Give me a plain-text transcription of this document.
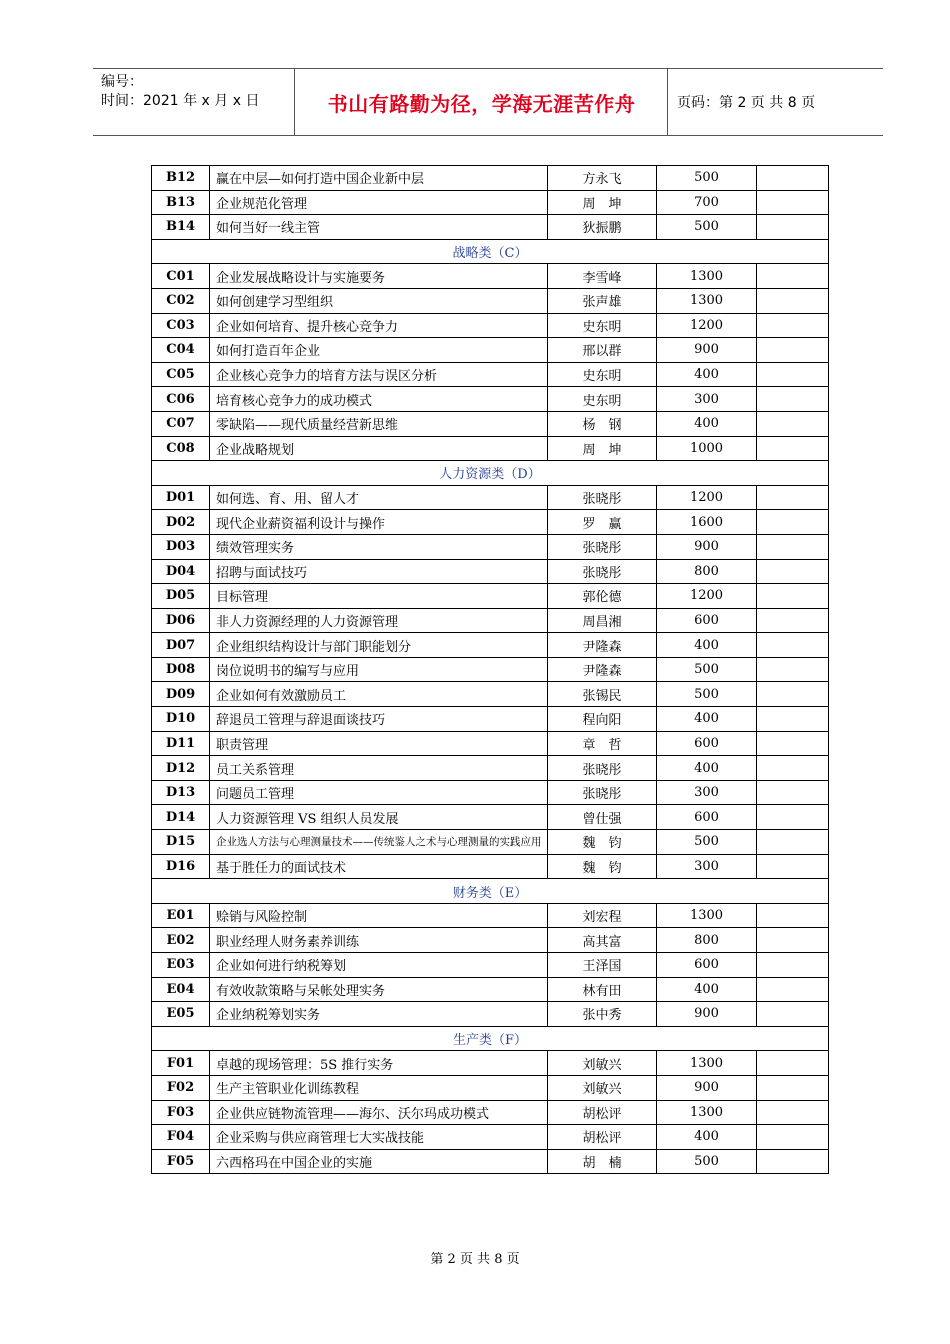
编号：
时间：2021 年 x 月 x 日	书山有路勤为径，学海无涯苦作舟	页码：第 2 页 共 8 页
B12	赢在中层—如何打造中国企业新中层	方永飞	500	
B13	企业规范化管理	周　坤	700	
B14	如何当好一线主管	狄振鹏	500	
战略类（C）				
C01	企业发展战略设计与实施要务	李雪峰	1300	
C02	如何创建学习型组织	张声雄	1300	
C03	企业如何培育、提升核心竞争力	史东明	1200	
C04	如何打造百年企业	邢以群	900	
C05	企业核心竞争力的培育方法与误区分析	史东明	400	
C06	培育核心竞争力的成功模式	史东明	300	
C07	零缺陷——现代质量经营新思维	杨　钢	400	
C08	企业战略规划	周　坤	1000	
人力资源类（D）				
D01	如何选、育、用、留人才	张晓彤	1200	
D02	现代企业薪资福利设计与操作	罗　赢	1600	
D03	绩效管理实务	张晓彤	900	
D04	招聘与面试技巧	张晓彤	800	
D05	目标管理	郭伦德	1200	
D06	非人力资源经理的人力资源管理	周昌湘	600	
D07	企业组织结构设计与部门职能划分	尹隆森	400	
D08	岗位说明书的编写与应用	尹隆森	500	
D09	企业如何有效激励员工	张锡民	500	
D10	辞退员工管理与辞退面谈技巧	程向阳	400	
D11	职责管理	章　哲	600	
D12	员工关系管理	张晓彤	400	
D13	问题员工管理	张晓彤	300	
D14	人力资源管理 VS 组织人员发展	曾仕强	600	
D15	企业选人方法与心理测量技术——传统鉴人之术与心理测量的实践应用	魏　钧	500	
D16	基于胜任力的面试技术	魏　钧	300	
财务类（E）				
E01	赊销与风险控制	刘宏程	1300	
E02	职业经理人财务素养训练	高其富	800	
E03	企业如何进行纳税筹划	王泽国	600	
E04	有效收款策略与呆帐处理实务	林有田	400	
E05	企业纳税筹划实务	张中秀	900	
生产类（F）				
F01	卓越的现场管理：5S 推行实务	刘敏兴	1300	
F02	生产主管职业化训练教程	刘敏兴	900	
F03	企业供应链物流管理——海尔、沃尔玛成功模式	胡松评	1300	
F04	企业采购与供应商管理七大实战技能	胡松评	400	
F05	六西格玛在中国企业的实施	胡　楠	500	
第 2 页 共 8 页
